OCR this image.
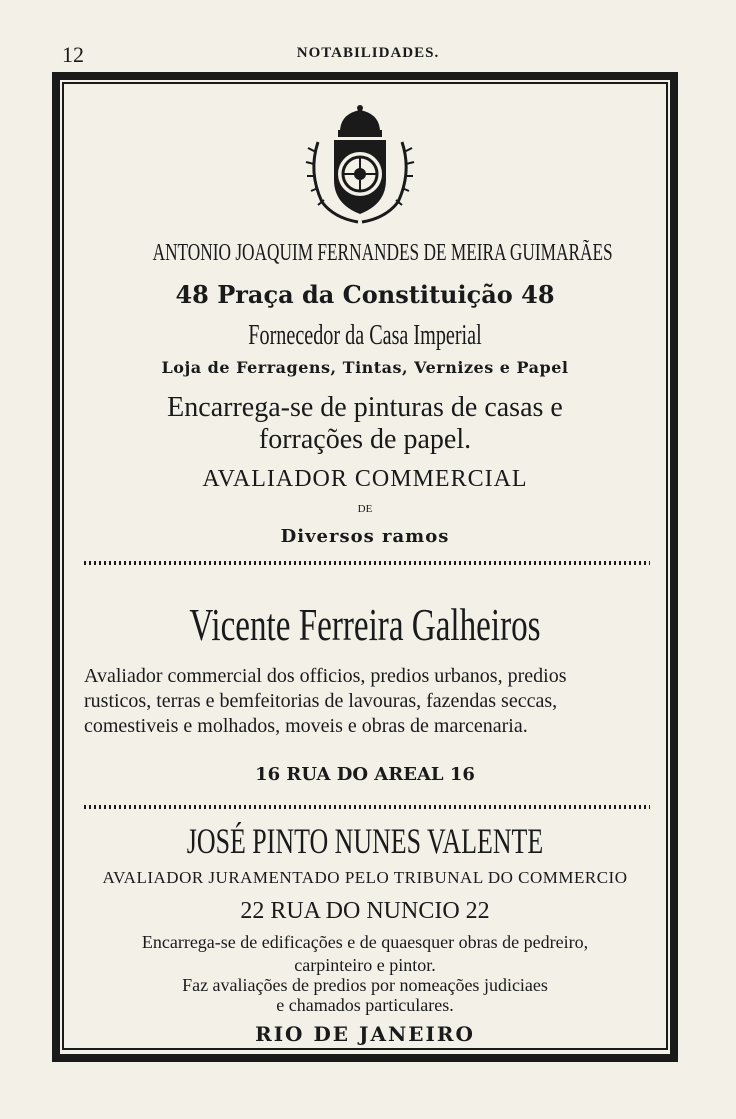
12	NOTABILIDADES.
ANTONIO JOAQUIM FERNANDES DE MEIRA GUIMARÃES
48 Praça da Constituição 48
Fornecedor da Casa Imperial
Loja de Ferragens, Tintas, Vernizes e Papel
Encarrega-se de pinturas de casas e
forrações de papel.
AVALIADOR COMMERCIAL
DE
Diversos ramos
Vicente Ferreira Galheiros
Avaliador commercial dos officios, predios urbanos, predios
rusticos, terras e bemfeitorias de lavouras, fazendas seccas,
comestiveis e molhados, moveis e obras de marcenaria.
16 RUA DO AREAL 16
JOSÉ PINTO NUNES VALENTE
AVALIADOR JURAMENTADO PELO TRIBUNAL DO COMMERCIO
22 RUA DO NUNCIO 22
Encarrega-se de edificações e de quaesquer obras de pedreiro,
carpinteiro e pintor.
Faz avaliações de predios por nomeações judiciaes
e chamados particulares.
RIO DE JANEIRO
